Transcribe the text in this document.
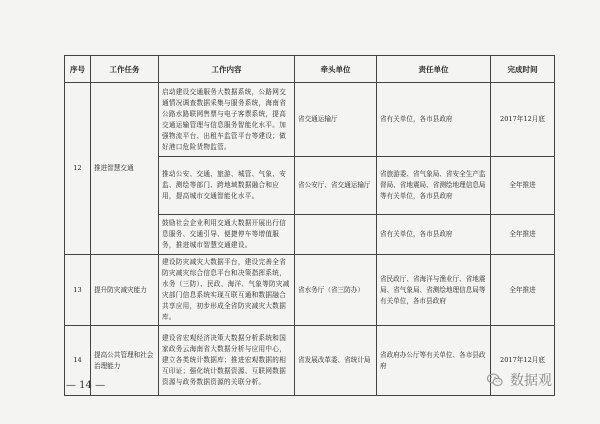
序号	工作任务	工作内容	牵头单位	责任单位	完成时间
12	推进智慧交通	启动建设交通服务大数据系统，公路网交通情况调查数据采集与服务系统，海南省公路水路联网售票与电子客票系统，提高交通运输管理与信息服务智能化水平。加强物流平台、出租车监管平台等建设；做好港口危险货物监管。	省交通运输厅	省有关单位，各市县政府	2017年12月底
		推动公安、交通、旅游、城管、气象、安监、测绘等部门、跨地域数据融合和应用，提高城市交通智能化水平。	省公安厅、省交通运输厅	省旅游委、省气象局、省安全生产监督局、省地震局、省测绘地理信息局等有关单位，各市县政府	全年推进
		鼓励社会企业利用交通大数据开展出行信息服务、交通引导、便捷停车等增值服务，推进城市智慧交通建设。		省有关单位，各市县政府	全年推进
13	提升防灾减灾能力	建设防灾减灾大数据平台，建设完善全省防灾减灾综合信息平台和决策指挥系统，水务（三防）、民政、海洋、气象等防灾减灾部门信息系统实现互联互通和数据融合共享应用，初步形成全省防灾减灾大数据库。	省水务厅（省三防办）	省民政厅、省海洋与渔业厅、省地震局、省气象局、省测绘地理信息局等有关单位，各市县政府	全年推进
14	提高公共管理和社会治理能力	建设省宏观经济决策大数据分析系统和国家政务云海南省大数据分析与应用中心，建立各类统计数据库；推进宏观数据的相互印证；强化统计数据资源、互联网数据资源与政务数据资源的关联分析。	省发展改革委、省统计局	省政府办公厅等有关单位、各市县政府	2017年12月底
— 14 —	数据观
